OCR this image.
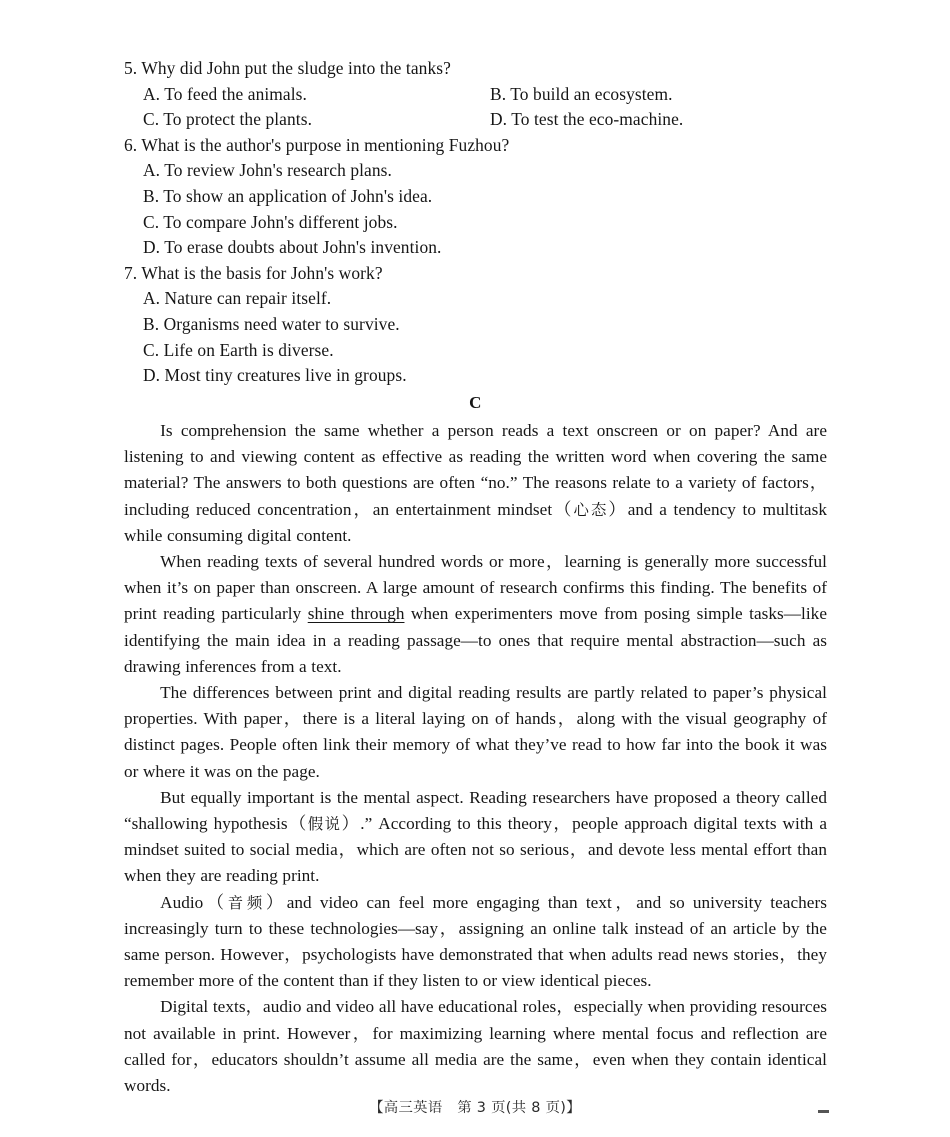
5. Why did John put the sludge into the tanks?
A. To feed the animals.	B. To build an ecosystem.
C. To protect the plants.	D. To test the eco-machine.
6. What is the author's purpose in mentioning Fuzhou?
A. To review John's research plans.
B. To show an application of John's idea.
C. To compare John's different jobs.
D. To erase doubts about John's invention.
7. What is the basis for John's work?
A. Nature can repair itself.
B. Organisms need water to survive.
C. Life on Earth is diverse.
D. Most tiny creatures live in groups.
C

Is comprehension the same whether a person reads a text onscreen or on paper? And are listening to and viewing content as effective as reading the written word when covering the same material? The answers to both questions are often “no.” The reasons relate to a variety of factors，including reduced concentration，an entertainment mindset（心态）and a tendency to multitask while consuming digital content.

When reading texts of several hundred words or more，learning is generally more successful when it’s on paper than onscreen. A large amount of research confirms this finding. The benefits of print reading particularly shine through when experimenters move from posing simple tasks—like identifying the main idea in a reading passage—to ones that require mental abstraction—such as drawing inferences from a text.

The differences between print and digital reading results are partly related to paper’s physical properties. With paper，there is a literal laying on of hands，along with the visual geography of distinct pages. People often link their memory of what they’ve read to how far into the book it was or where it was on the page.

But equally important is the mental aspect. Reading researchers have proposed a theory called “shallowing hypothesis（假说）.” According to this theory，people approach digital texts with a mindset suited to social media，which are often not so serious，and devote less mental effort than when they are reading print.

Audio（音频）and video can feel more engaging than text，and so university teachers increasingly turn to these technologies—say，assigning an online talk instead of an article by the same person. However，psychologists have demonstrated that when adults read news stories，they remember more of the content than if they listen to or view identical pieces.

Digital texts，audio and video all have educational roles，especially when providing resources not available in print. However，for maximizing learning where mental focus and reflection are called for，educators shouldn’t assume all media are the same，even when they contain identical words.

【高三英语　第 3 页(共 8 页)】
